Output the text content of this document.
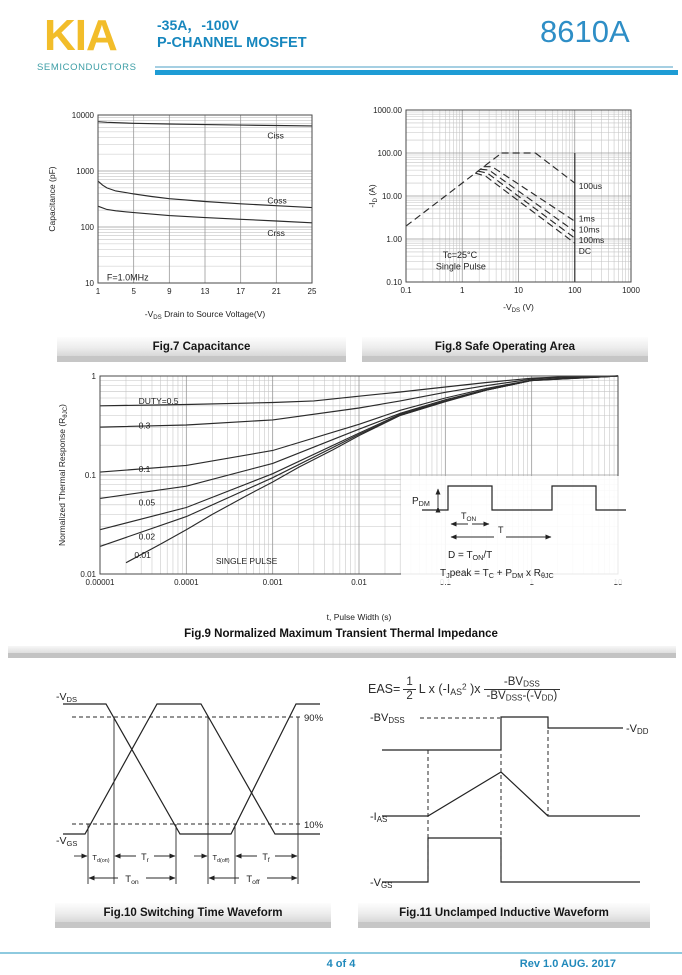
KIA
SEMICONDUCTORS
-35A，-100V
P-CHANNEL MOSFET	8610A
1	5	9	13	17	21	25
10
100
1000
10000
$-V_{DS}$ Drain to Source Voltage(V)
Capacitance (pF)
Ciss
Coss
Crss
F=1.0MHz
0.1	1	10	100	1000
0.10
1.00
10.00
100.00
1000.00
$-V_{DS}$ (V)
$-I_D$ (A)	100us
1ms
10ms
100ms
DC
Tc=25°C
Single Pulse
Fig.7 Capacitance	Fig.8 Safe Operating Area
0.00001	0.0001	0.001	0.01
0.01
0.1
1
t, Pulse Width (s)
Normalized Thermal Response $(R_{\theta JC})$	DUTY=0.5
0.3
0.1
0.05
0.02
0.01
SINGLE PULSE
$P_{DM}$
$T_{ON}$
T
$D = T_{ON}/T$
$T_Jpeak = T_C + P_{DM}$ x $R_{\theta JC}$
Fig.9 Normalized Maximum Transient Thermal Impedance
$-V_{DS}$
$-V_{GS}$
90%
10%
$T_{d(on)}$	$T_r$	$T_{d(off)}$	$T_f$
$T_{on}$	$T_{off}$
$EAS= \frac{1}{2}$ L x (-IAS$^2$ )$x \frac{\text{-BVDSS}}{\text{-BVDSS-(-VDD)}}$
$-BV_{DSS}$
$-V_{DD}$
$-I_{AS}$
$-V_{GS}$
Fig.10 Switching Time Waveform	Fig.11 Unclamped Inductive Waveform
4 of 4	Rev 1.0 AUG. 2017
